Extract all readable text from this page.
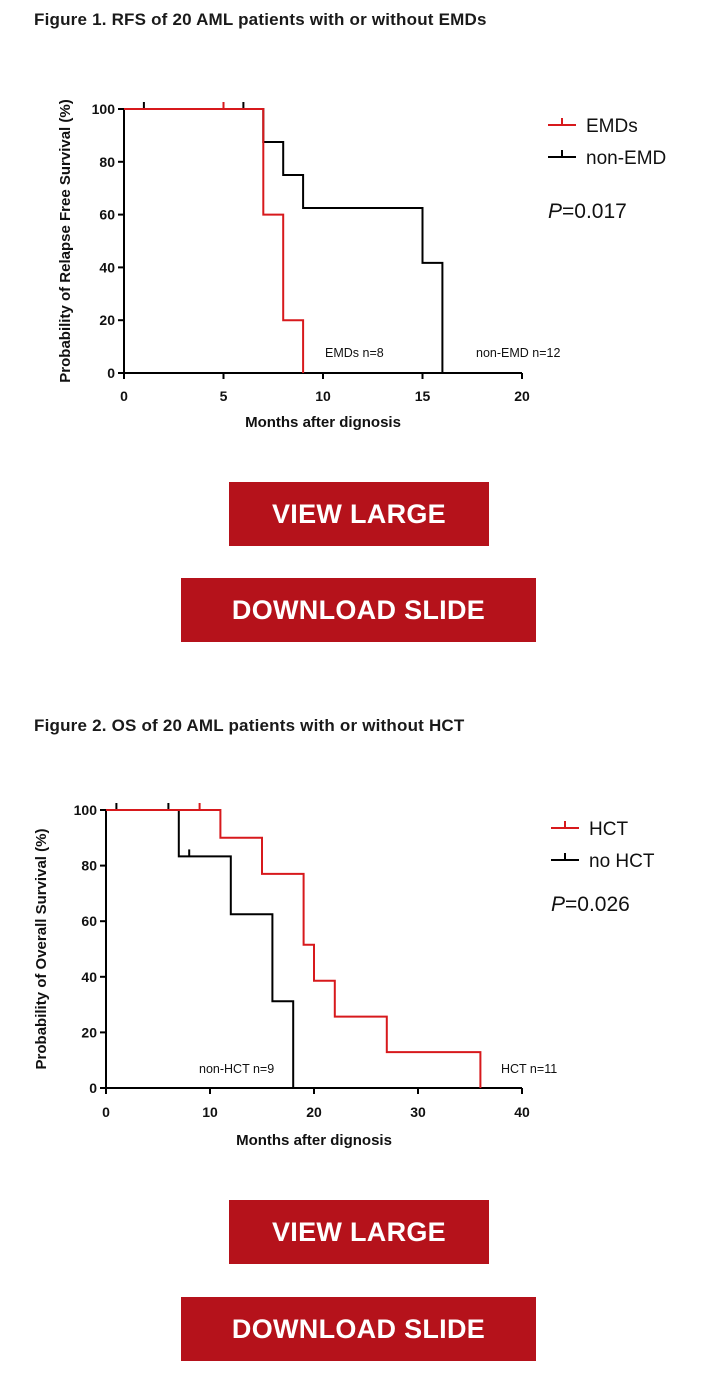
Figure 1. RFS of 20 AML patients with or without EMDs
0
20
40
60
80
100
0	5	10	15	20
Months after dignosis
Probability of Relapse Free Survival (%)	EMDs
non-EMD
P=0.017
EMDs n=8	non-EMD n=12
VIEW LARGE
DOWNLOAD SLIDE
Figure 2. OS of 20 AML patients with or without HCT
0
20
40
60
80
100
0	10	20	30	40
Months after dignosis
Probability of Overall Survival (%)	HCT
no HCT
P=0.026
non-HCT n=9	HCT n=11
VIEW LARGE
DOWNLOAD SLIDE
